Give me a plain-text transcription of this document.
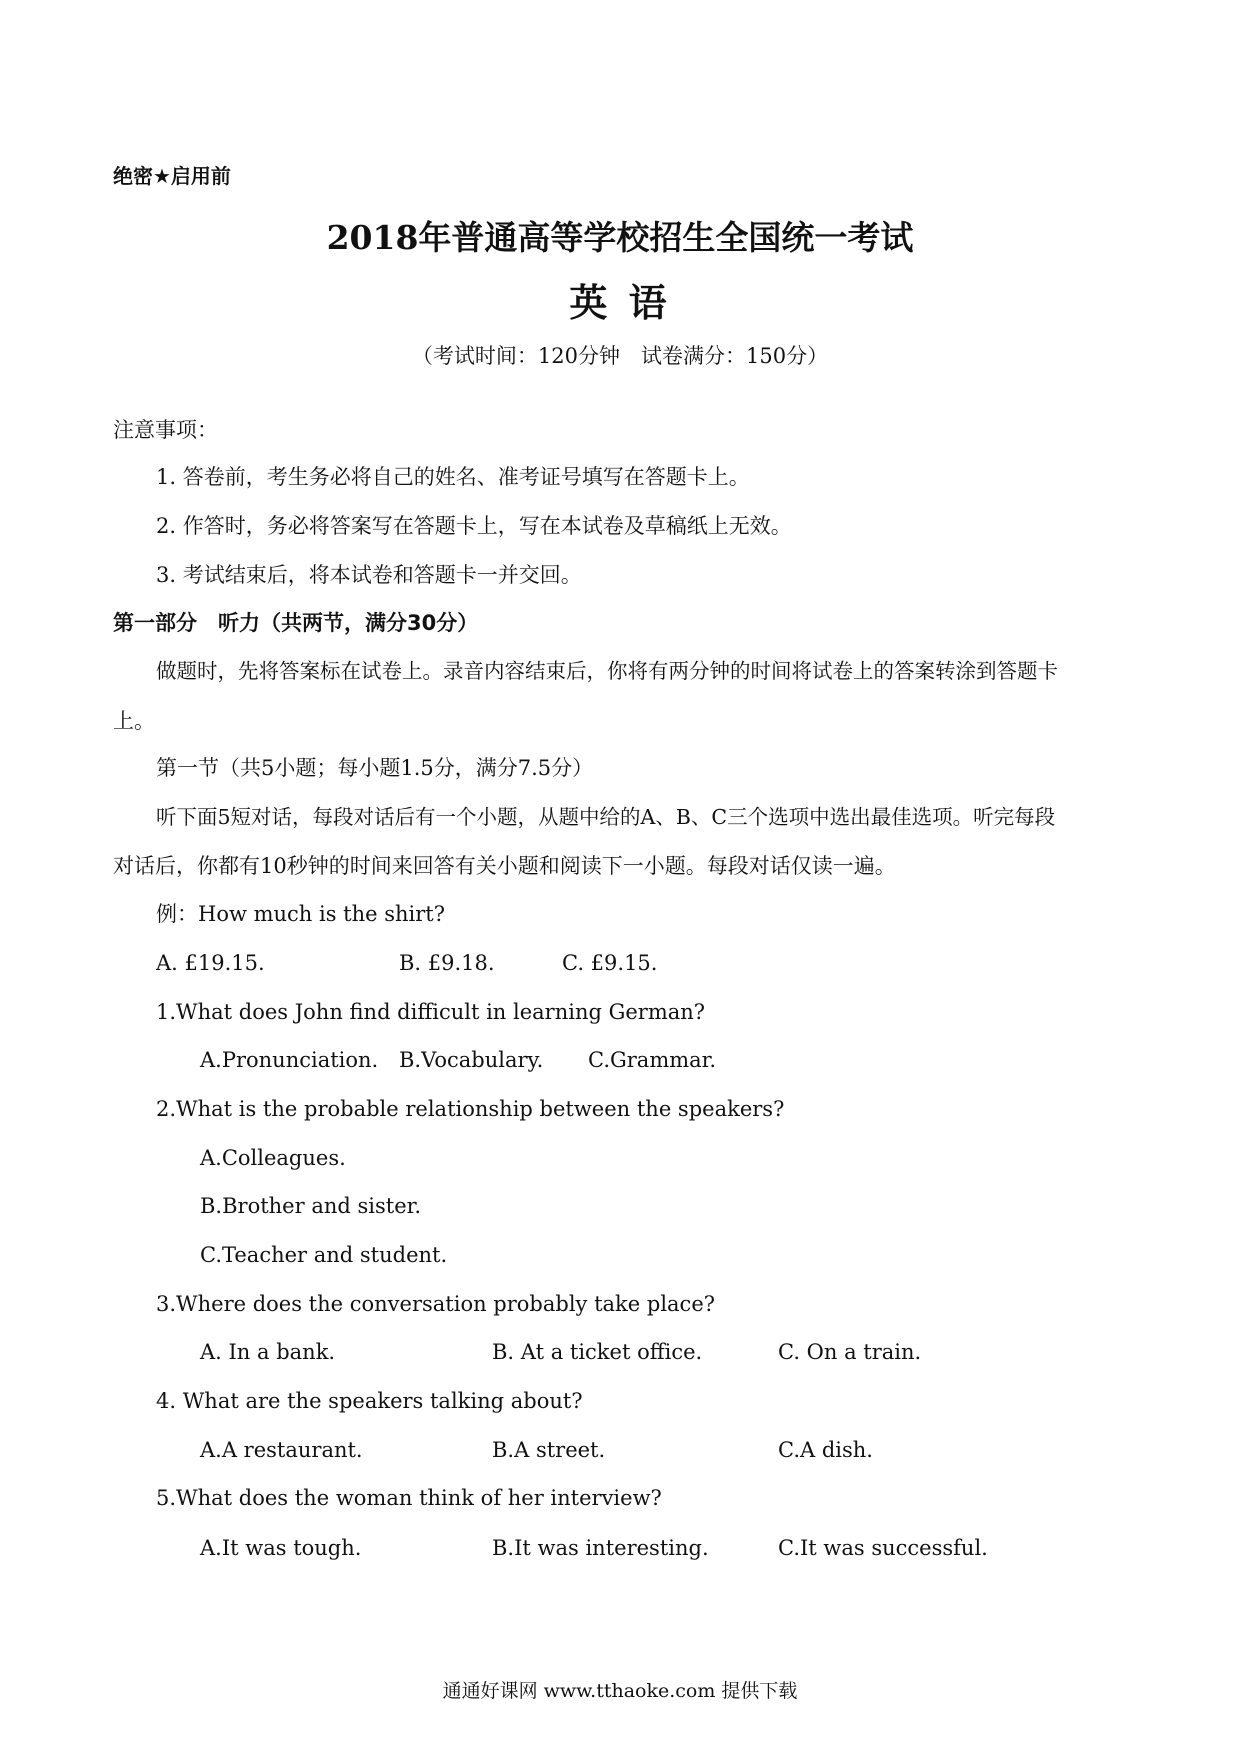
绝密★启用前
2018年普通高等学校招生全国统一考试
英 语
（考试时间：120分钟　试卷满分：150分）
注意事项：
1. 答卷前，考生务必将自己的姓名、准考证号填写在答题卡上。
2. 作答时，务必将答案写在答题卡上，写在本试卷及草稿纸上无效。
3. 考试结束后，将本试卷和答题卡一并交回。
第一部分　听力（共两节，满分30分）
做题时，先将答案标在试卷上。录音内容结束后，你将有两分钟的时间将试卷上的答案转涂到答题卡
上。
第一节（共5小题；每小题1.5分，满分7.5分）
听下面5短对话，每段对话后有一个小题，从题中给的A、B、C三个选项中选出最佳选项。听完每段
对话后，你都有10秒钟的时间来回答有关小题和阅读下一小题。每段对话仅读一遍。
例：How much is the shirt?
A. £19.15.	B. £9.18.	C. £9.15.
1.What does John find difficult in learning German?
A.Pronunciation. B.Vocabulary. C.Grammar.
2.What is the probable relationship between the speakers?
A.Colleagues.
B.Brother and sister.
C.Teacher and student.
3.Where does the conversation probably take place?
A. In a bank.	B. At a ticket office.	C. On a train.
4. What are the speakers talking about?
A.A restaurant.	B.A street.	C.A dish.
5.What does the woman think of her interview?
A.It was tough.	B.It was interesting.	C.It was successful.
通通好课网 www.tthaoke.com 提供下载
